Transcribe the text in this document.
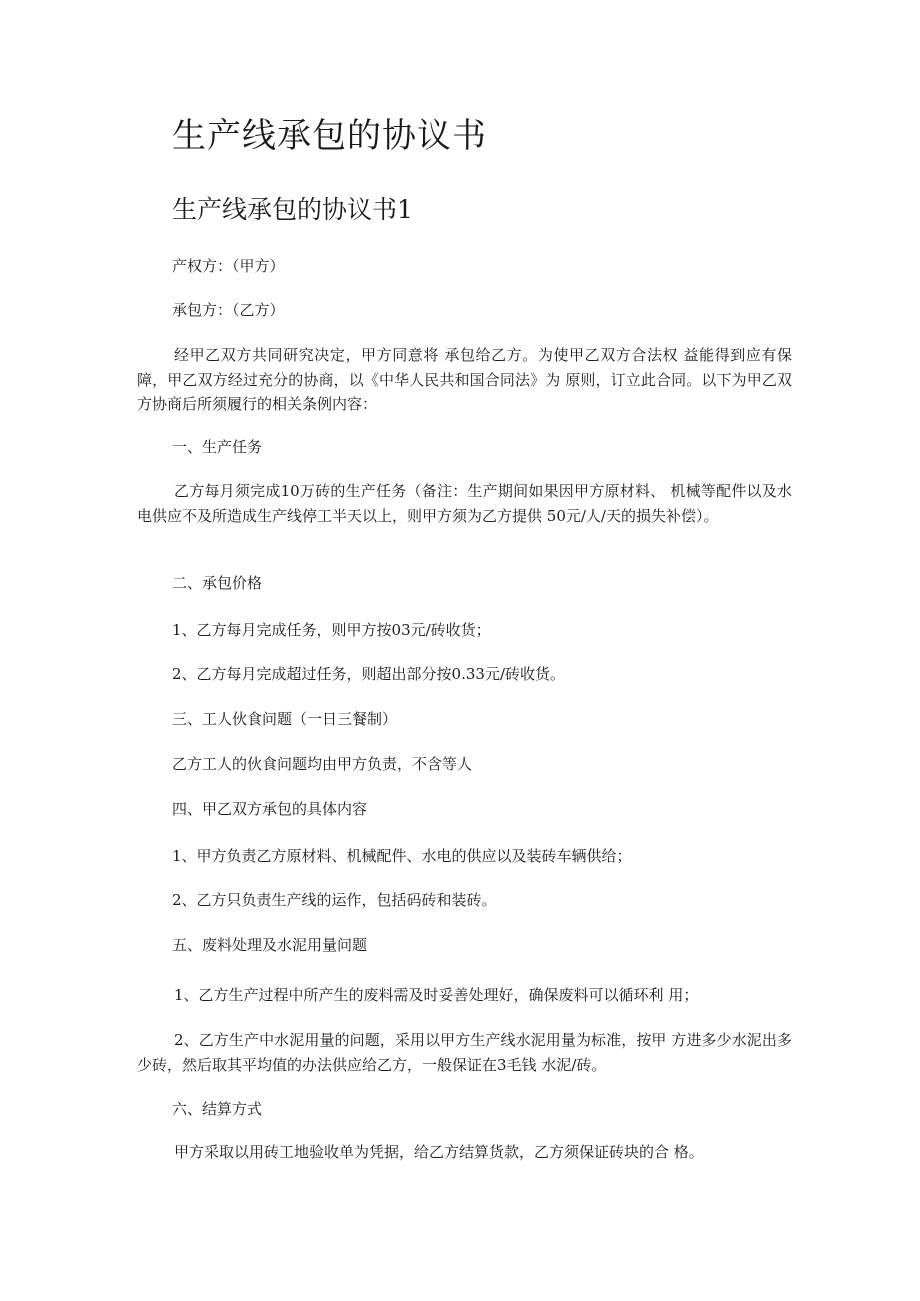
生产线承包的协议书
生产线承包的协议书1

产权方：（甲方）

承包方：（乙方）

经甲乙双方共同研究决定，甲方同意将 承包给乙方。为使甲乙双方合法权 益能得到应有保障，甲乙双方经过充分的协商，以《中华人民共和国合同法》为 原则，订立此合同。以下为甲乙双方协商后所须履行的相关条例内容：

一、生产任务

乙方每月须完成10万砖的生产任务（备注：生产期间如果因甲方原材料、 机械等配件以及水电供应不及所造成生产线停工半天以上，则甲方须为乙方提供 50元/人/天的损失补偿）。

二、承包价格

1、乙方每月完成任务，则甲方按03元/砖收货；

2、乙方每月完成超过任务，则超出部分按0.33元/砖收货。

三、工人伙食问题（一日三餐制）

乙方工人的伙食问题均由甲方负责，不含等人

四、甲乙双方承包的具体内容

1、甲方负责乙方原材料、机械配件、水电的供应以及装砖车辆供给；

2、乙方只负责生产线的运作，包括码砖和装砖。

五、废料处理及水泥用量问题

1、乙方生产过程中所产生的废料需及时妥善处理好，确保废料可以循环利 用；

2、乙方生产中水泥用量的问题，采用以甲方生产线水泥用量为标准，按甲 方进多少水泥出多少砖，然后取其平均值的办法供应给乙方，一般保证在3毛钱 水泥/砖。

六、结算方式

甲方采取以用砖工地验收单为凭据，给乙方结算货款，乙方须保证砖块的合 格。
